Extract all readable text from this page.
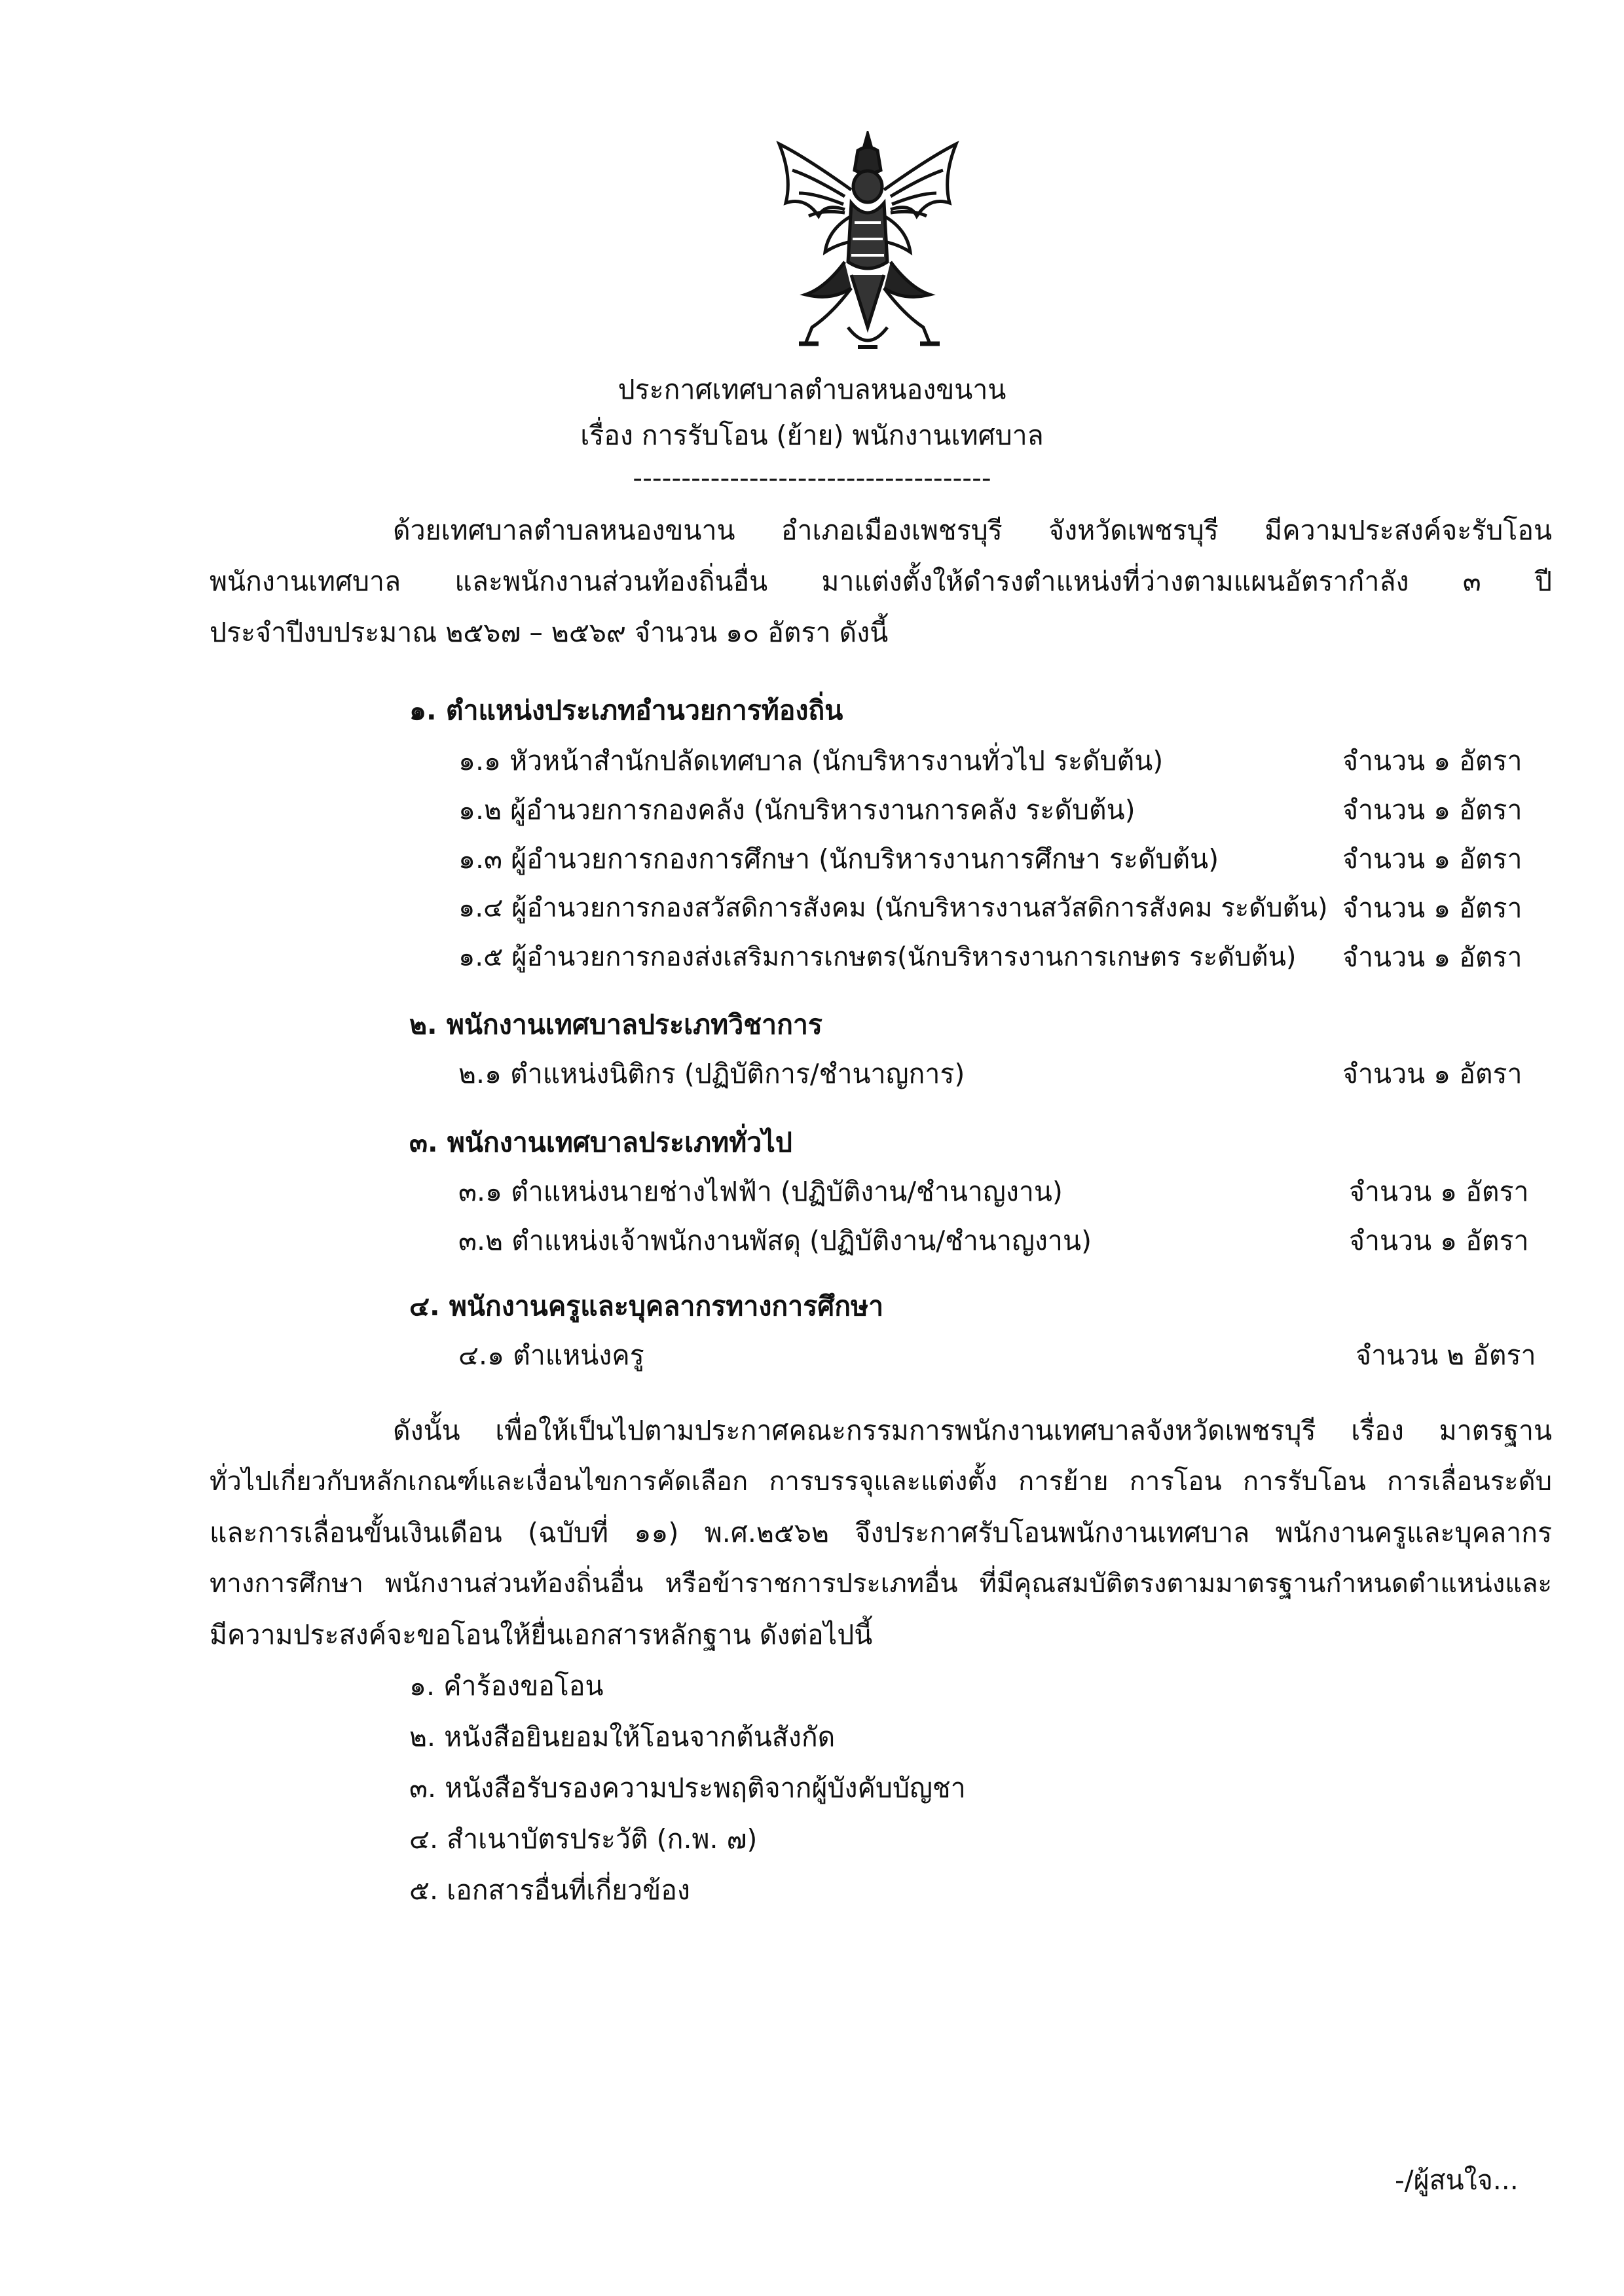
ประกาศเทศบาลตำบลหนองขนาน
เรื่อง การรับโอน (ย้าย) พนักงานเทศบาล
-------------------------------------
ด้วยเทศบาลตำบลหนองขนาน อำเภอเมืองเพชรบุรี จังหวัดเพชรบุรี มีความประสงค์จะรับโอน
พนักงานเทศบาล และพนักงานส่วนท้องถิ่นอื่น มาแต่งตั้งให้ดำรงตำแหน่งที่ว่างตามแผนอัตรากำลัง ๓ ปี
ประจำปีงบประมาณ ๒๕๖๗ – ๒๕๖๙ จำนวน ๑๐ อัตรา ดังนี้
๑. ตำแหน่งประเภทอำนวยการท้องถิ่น
๑.๑ หัวหน้าสำนักปลัดเทศบาล (นักบริหารงานทั่วไป ระดับต้น)	จำนวน ๑ อัตรา
๑.๒ ผู้อำนวยการกองคลัง (นักบริหารงานการคลัง ระดับต้น)	จำนวน ๑ อัตรา
๑.๓ ผู้อำนวยการกองการศึกษา (นักบริหารงานการศึกษา ระดับต้น)	จำนวน ๑ อัตรา
๑.๔ ผู้อำนวยการกองสวัสดิการสังคม (นักบริหารงานสวัสดิการสังคม ระดับต้น) จำนวน ๑ อัตรา
๑.๕ ผู้อำนวยการกองส่งเสริมการเกษตร(นักบริหารงานการเกษตร ระดับต้น) จำนวน ๑ อัตรา
๒. พนักงานเทศบาลประเภทวิชาการ
๒.๑ ตำแหน่งนิติกร (ปฏิบัติการ/ชำนาญการ)	จำนวน ๑ อัตรา
๓. พนักงานเทศบาลประเภททั่วไป
๓.๑ ตำแหน่งนายช่างไฟฟ้า (ปฏิบัติงาน/ชำนาญงาน)	จำนวน ๑ อัตรา
๓.๒ ตำแหน่งเจ้าพนักงานพัสดุ (ปฏิบัติงาน/ชำนาญงาน)	จำนวน ๑ อัตรา
๔. พนักงานครูและบุคลากรทางการศึกษา
๔.๑ ตำแหน่งครู	จำนวน ๒ อัตรา
ดังนั้น เพื่อให้เป็นไปตามประกาศคณะกรรมการพนักงานเทศบาลจังหวัดเพชรบุรี เรื่อง มาตรฐาน
ทั่วไปเกี่ยวกับหลักเกณฑ์และเงื่อนไขการคัดเลือก การบรรจุและแต่งตั้ง การย้าย การโอน การรับโอน การเลื่อนระดับ
และการเลื่อนขั้นเงินเดือน (ฉบับที่ ๑๑) พ.ศ.๒๕๖๒ จึงประกาศรับโอนพนักงานเทศบาล พนักงานครูและบุคลากร
ทางการศึกษา พนักงานส่วนท้องถิ่นอื่น หรือข้าราชการประเภทอื่น ที่มีคุณสมบัติตรงตามมาตรฐานกำหนดตำแหน่งและ
มีความประสงค์จะขอโอนให้ยื่นเอกสารหลักฐาน ดังต่อไปนี้
๑. คำร้องขอโอน
๒. หนังสือยินยอมให้โอนจากต้นสังกัด
๓. หนังสือรับรองความประพฤติจากผู้บังคับบัญชา
๔. สำเนาบัตรประวัติ (ก.พ. ๗)
๕. เอกสารอื่นที่เกี่ยวข้อง
-/ผู้สนใจ...
